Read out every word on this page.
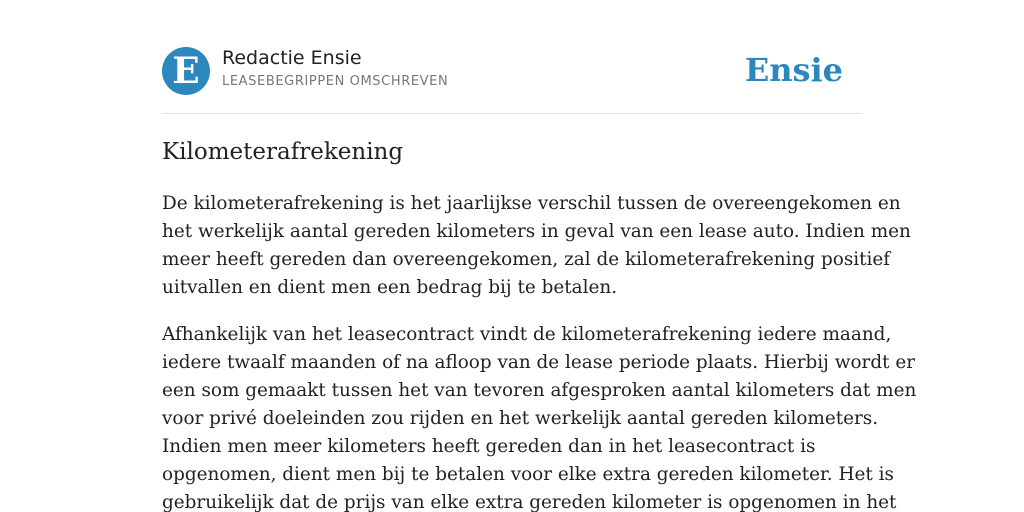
E	Redactie Ensie
LEASEBEGRIPPEN OMSCHREVEN	Ensie
Kilometerafrekening

De kilometerafrekening is het jaarlijkse verschil tussen de overeengekomen en
het werkelijk aantal gereden kilometers in geval van een lease auto. Indien men
meer heeft gereden dan overeengekomen, zal de kilometerafrekening positief
uitvallen en dient men een bedrag bij te betalen.

Afhankelijk van het leasecontract vindt de kilometerafrekening iedere maand,
iedere twaalf maanden of na afloop van de lease periode plaats. Hierbij wordt er
een som gemaakt tussen het van tevoren afgesproken aantal kilometers dat men
voor privé doeleinden zou rijden en het werkelijk aantal gereden kilometers.
Indien men meer kilometers heeft gereden dan in het leasecontract is
opgenomen, dient men bij te betalen voor elke extra gereden kilometer. Het is
gebruikelijk dat de prijs van elke extra gereden kilometer is opgenomen in het
